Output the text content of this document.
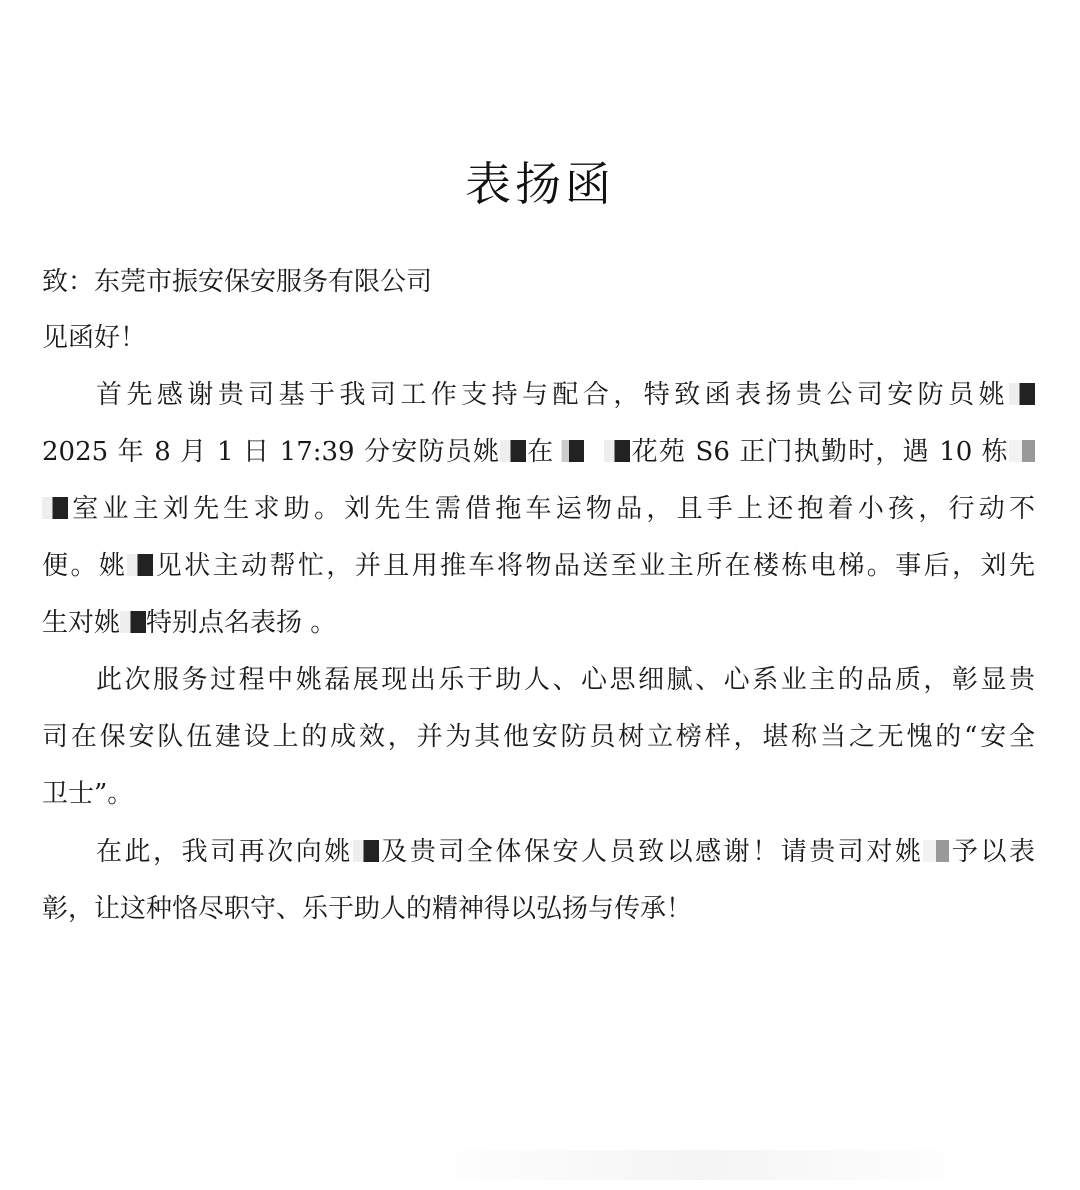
表扬函
致：东莞市振安保安服务有限公司
见函好！
首先感谢贵司基于我司工作支持与配合，特致函表扬贵公司安防员姚
2025 年 8 月 1 日 17:39 分安防员姚 在	花苑 S6 正门执勤时，遇 10 栋
室业主刘先生求助。刘先生需借拖车运物品，且手上还抱着小孩，行动不
便。姚 见状主动帮忙，并且用推车将物品送至业主所在楼栋电梯。事后，刘先
生对姚 特别点名表扬 。
此次服务过程中姚磊展现出乐于助人、心思细腻、心系业主的品质，彰显贵
司在保安队伍建设上的成效，并为其他安防员树立榜样，堪称当之无愧的“安全
卫士”。
在此，我司再次向姚 及贵司全体保安人员致以感谢！请贵司对姚 予以表
彰，让这种恪尽职守、乐于助人的精神得以弘扬与传承！
